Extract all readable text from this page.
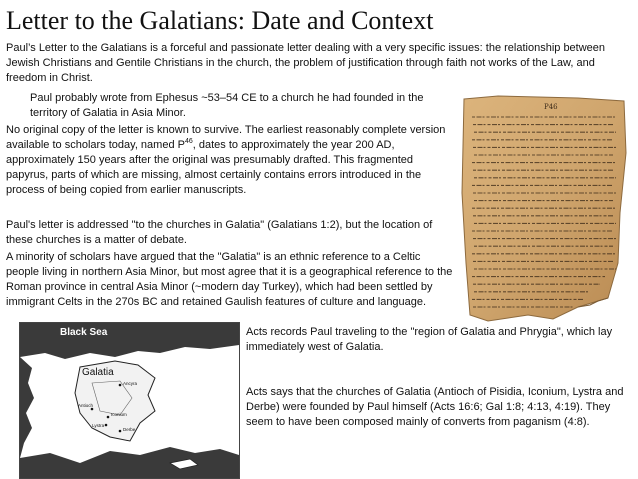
Letter to the Galatians: Date and Context
Paul’s Letter to the Galatians is a forceful and passionate letter dealing with a very specific issues: the relationship between Jewish Christians and Gentile Christians in the church, the problem of justification through faith not works of the Law, and freedom in Christ.
Paul probably wrote from Ephesus ~53–54 CE to a church he had founded in the territory of Galatia in Asia Minor.
No original copy of the letter is known to survive. The earliest reasonably complete version available to scholars today, named $P^{46}$, dates to approximately the year 200 AD, approximately 150 years after the original was presumably drafted. This fragmented papyrus, parts of which are missing, almost certainly contains errors introduced in the process of being copied from earlier manuscripts.
Paul's letter is addressed "to the churches in Galatia" (Galatians 1:2), but the location of these churches is a matter of debate.
A minority of scholars have argued that the "Galatia" is an ethnic reference to a Celtic people living in northern Asia Minor, but most agree that it is a geographical reference to the Roman province in central Asia Minor (~modern day Turkey), which had been settled by immigrant Celts in the 270s BC and retained Gaulish features of culture and language.
Acts records Paul traveling to the "region of Galatia and Phrygia", which lay immediately west of Galatia.
Acts says that the churches of Galatia (Antioch of Pisidia, Iconium, Lystra and Derbe) were founded by Paul himself (Acts 16:6; Gal 1:8; 4:13, 4:19). They seem to have been composed mainly of converts from paganism (4:8).
P46
Black Sea
Galatia
Ancyra
Antioch
Iconium
Lystra
Derbe
